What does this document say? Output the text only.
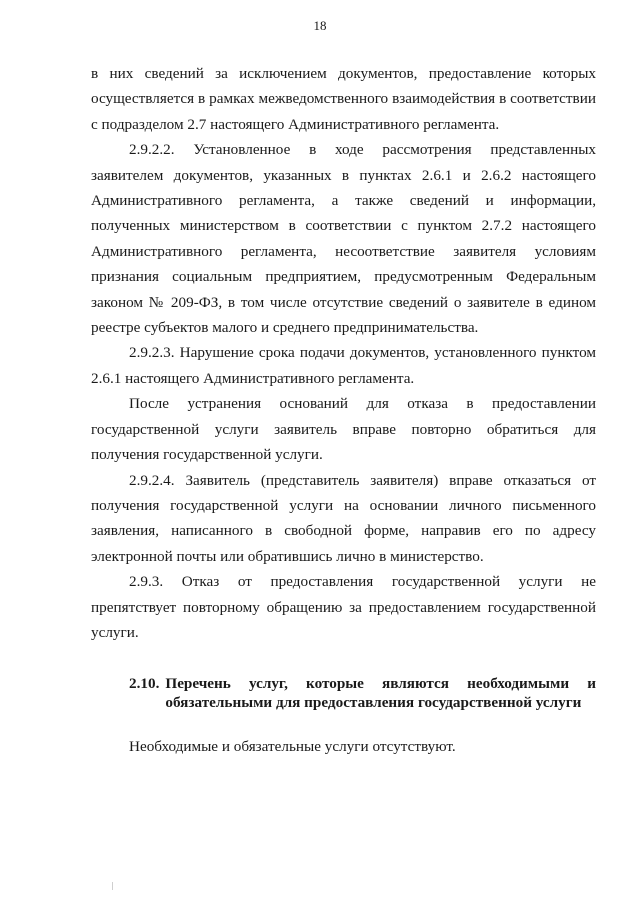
18

в них сведений за исключением документов, предоставление которых осуществляется в рамках межведомственного взаимодействия в соответствии с подразделом 2.7 настоящего Административного регламента.

2.9.2.2. Установленное в ходе рассмотрения представленных заявителем документов, указанных в пунктах 2.6.1 и 2.6.2 настоящего Административного регламента, а также сведений и информации, полученных министерством в соответствии с пунктом 2.7.2 настоящего Административного регламента, несоответствие заявителя условиям признания социальным предприятием, предусмотренным Федеральным законом № 209-ФЗ, в том числе отсутствие сведений о заявителе в едином реестре субъектов малого и среднего предпринимательства.

2.9.2.3. Нарушение срока подачи документов, установленного пунктом 2.6.1 настоящего Административного регламента.

После устранения оснований для отказа в предоставлении государственной услуги заявитель вправе повторно обратиться для получения государственной услуги.

2.9.2.4. Заявитель (представитель заявителя) вправе отказаться от получения государственной услуги на основании личного письменного заявления, написанного в свободной форме, направив его по адресу электронной почты или обратившись лично в министерство.

2.9.3. Отказ от предоставления государственной услуги не препятствует повторному обращению за предоставлением государственной услуги.

2.10. Перечень услуг, которые являются необходимыми и обязательными для предоставления государственной услуги

Необходимые и обязательные услуги отсутствуют.
